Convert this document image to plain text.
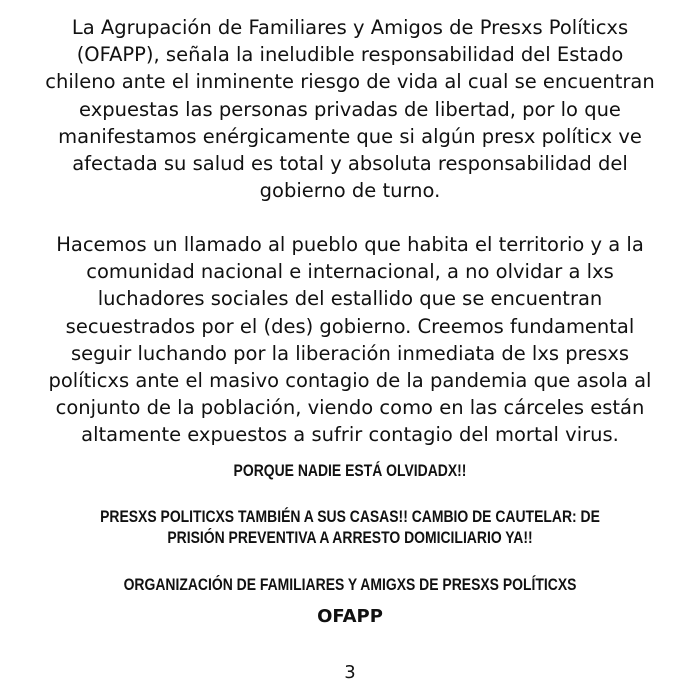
La Agrupación de Familiares y Amigos de Presxs Políticxs
(OFAPP), señala la ineludible responsabilidad del Estado
chileno ante el inminente riesgo de vida al cual se encuentran
expuestas las personas privadas de libertad, por lo que
manifestamos enérgicamente que si algún presx políticx ve
afectada su salud es total y absoluta responsabilidad del
gobierno de turno.

Hacemos un llamado al pueblo que habita el territorio y a la
comunidad nacional e internacional, a no olvidar a lxs
luchadores sociales del estallido que se encuentran
secuestrados por el (des) gobierno. Creemos fundamental
seguir luchando por la liberación inmediata de lxs presxs
políticxs ante el masivo contagio de la pandemia que asola al
conjunto de la población, viendo como en las cárceles están
altamente expuestos a sufrir contagio del mortal virus.

PORQUE NADIE ESTÁ OLVIDADX!!

PRESXS POLITICXS TAMBIÉN A SUS CASAS!! CAMBIO DE CAUTELAR: DE
PRISIÓN PREVENTIVA A ARRESTO DOMICILIARIO YA!!

ORGANIZACIÓN DE FAMILIARES Y AMIGXS DE PRESXS POLÍTICXS

OFAPP

3
